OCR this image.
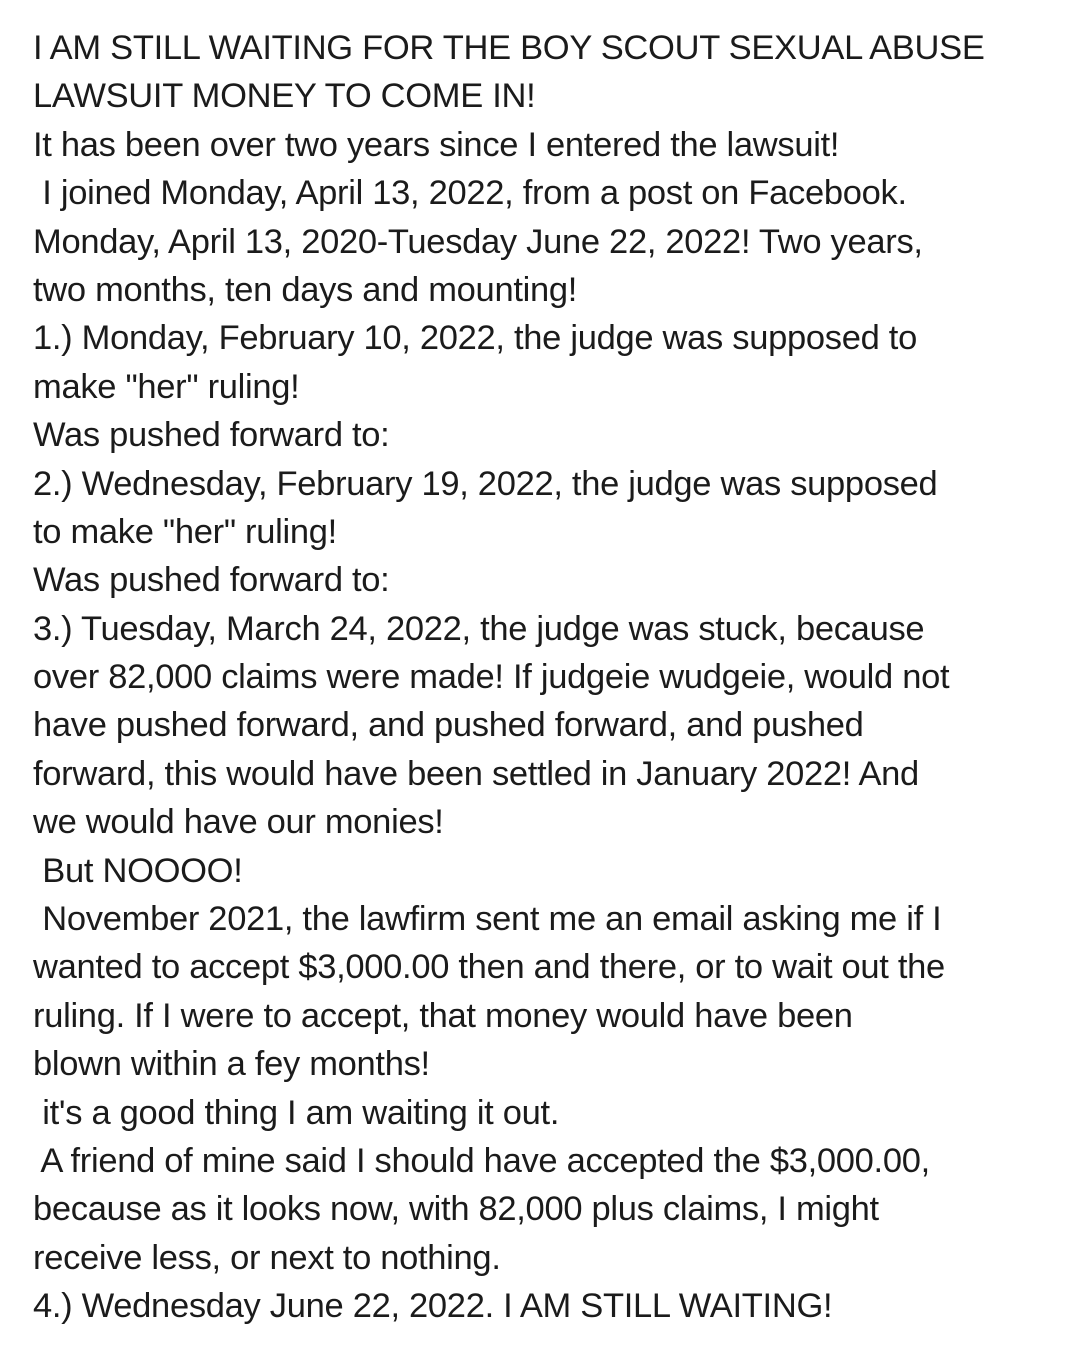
I AM STILL WAITING FOR THE BOY SCOUT SEXUAL ABUSE
LAWSUIT MONEY TO COME IN!
It has been over two years since I entered the lawsuit!
I joined Monday, April 13, 2022, from a post on Facebook.
Monday, April 13, 2020-Tuesday June 22, 2022! Two years,
two months, ten days and mounting!
1.) Monday, February 10, 2022, the judge was supposed to
make "her" ruling!
Was pushed forward to:
2.) Wednesday, February 19, 2022, the judge was supposed
to make "her" ruling!
Was pushed forward to:
3.) Tuesday, March 24, 2022, the judge was stuck, because
over 82,000 claims were made! If judgeie wudgeie, would not
have pushed forward, and pushed forward, and pushed
forward, this would have been settled in January 2022! And
we would have our monies!
But NOOOO!
November 2021, the lawfirm sent me an email asking me if I
wanted to accept $3,000.00 then and there, or to wait out the
ruling. If I were to accept, that money would have been
blown within a fey months!
it's a good thing I am waiting it out.
A friend of mine said I should have accepted the $3,000.00,
because as it looks now, with 82,000 plus claims, I might
receive less, or next to nothing.
4.) Wednesday June 22, 2022. I AM STILL WAITING!
